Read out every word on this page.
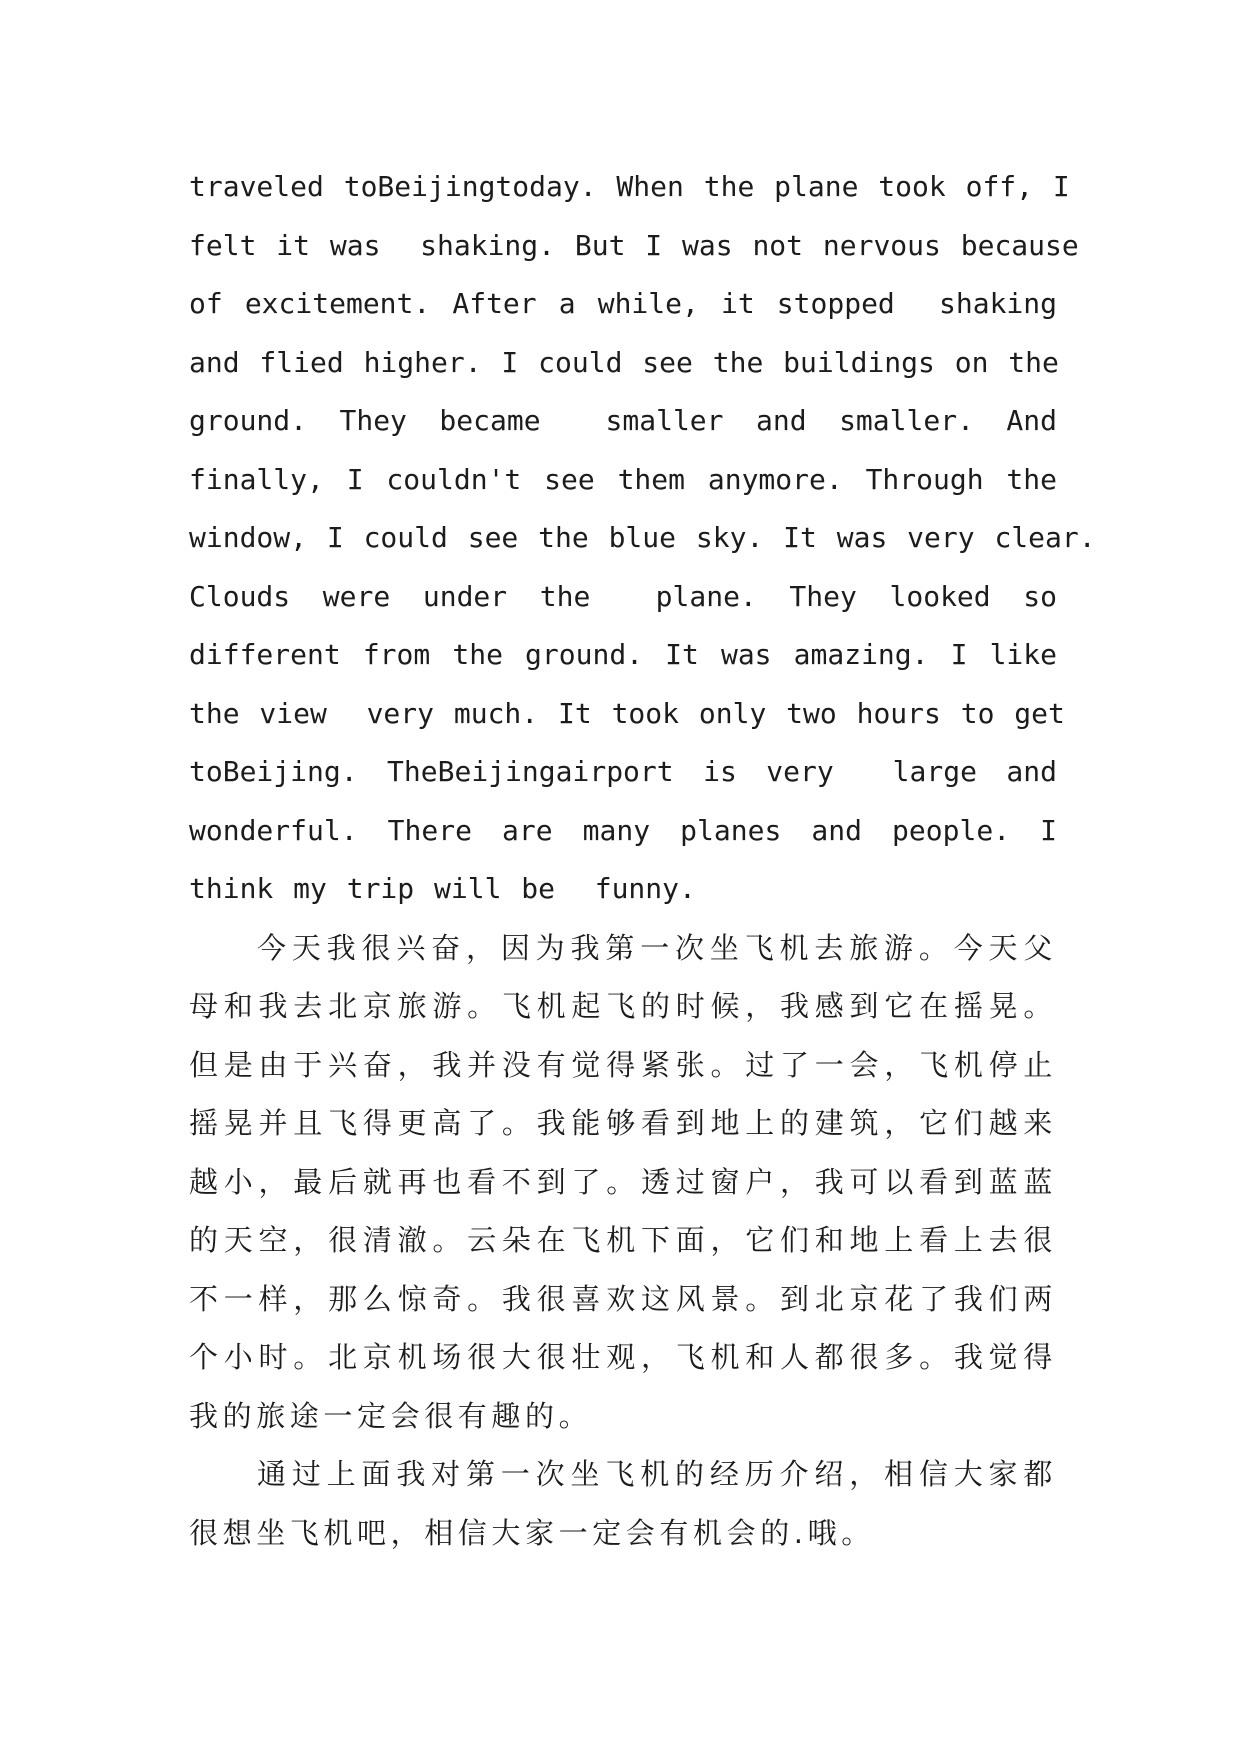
traveled toBeijingtoday. When the plane took off, I
felt it was  shaking. But I was not nervous because
of excitement. After a while, it stopped  shaking
and flied higher. I could see the buildings on the
ground. They became  smaller and smaller. And
finally, I couldn't see them anymore. Through the
window, I could see the blue sky. It was very clear.
Clouds were under the  plane. They looked so
different from the ground. It was amazing. I like
the view  very much. It took only two hours to get
toBeijing. TheBeijingairport is very  large and
wonderful. There are many planes and people. I
think my trip will be  funny.

今天我很兴奋，因为我第一次坐飞机去旅游。今天父母和我去北京旅游。飞机起飞的时候，我感到它在摇晃。但是由于兴奋，我并没有觉得紧张。过了一会，飞机停止摇晃并且飞得更高了。我能够看到地上的建筑，它们越来越小，最后就再也看不到了。透过窗户，我可以看到蓝蓝的天空，很清澈。云朵在飞机下面，它们和地上看上去很不一样，那么惊奇。我很喜欢这风景。到北京花了我们两个小时。北京机场很大很壮观，飞机和人都很多。我觉得我的旅途一定会很有趣的。

通过上面我对第一次坐飞机的经历介绍，相信大家都很想坐飞机吧，相信大家一定会有机会的.哦。
